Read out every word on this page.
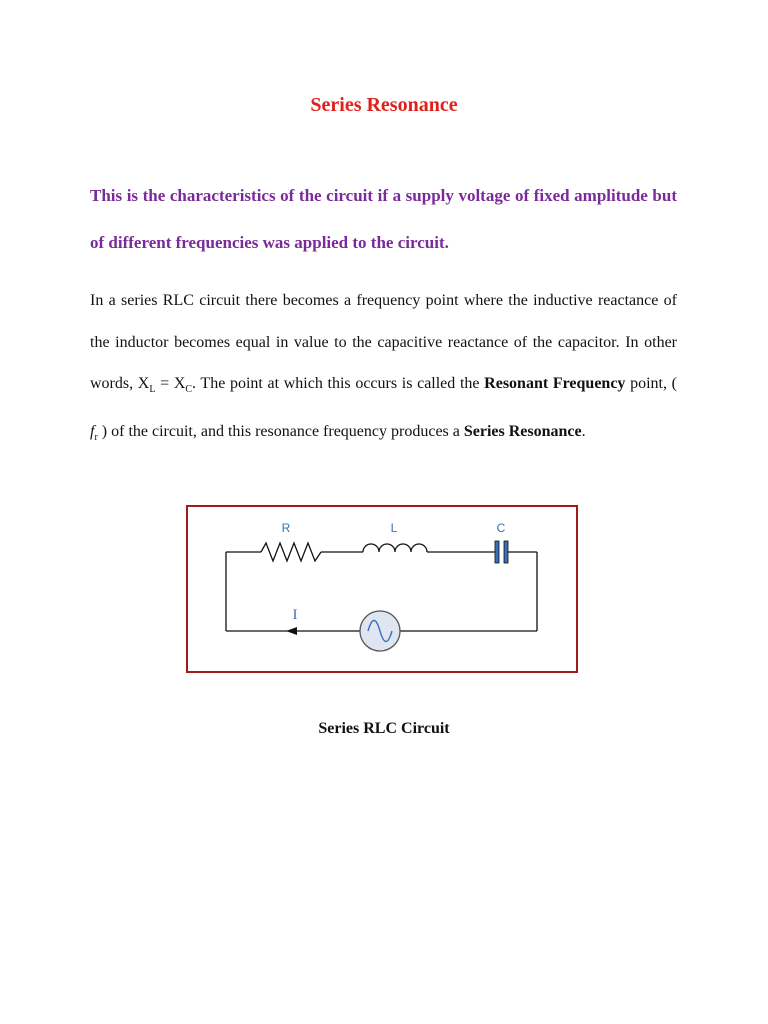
Series Resonance

This is the characteristics of the circuit if a supply voltage of fixed amplitude but of different frequencies was applied to the circuit.

In a series RLC circuit there becomes a frequency point where the inductive reactance of the inductor becomes equal in value to the capacitive reactance of the capacitor. In other words, $X_L = X_C$. The point at which this occurs is called the Resonant Frequency point, ( $f_r$ ) of the circuit, and this resonance frequency produces a Series Resonance.

R	L	C
I

Series RLC Circuit
